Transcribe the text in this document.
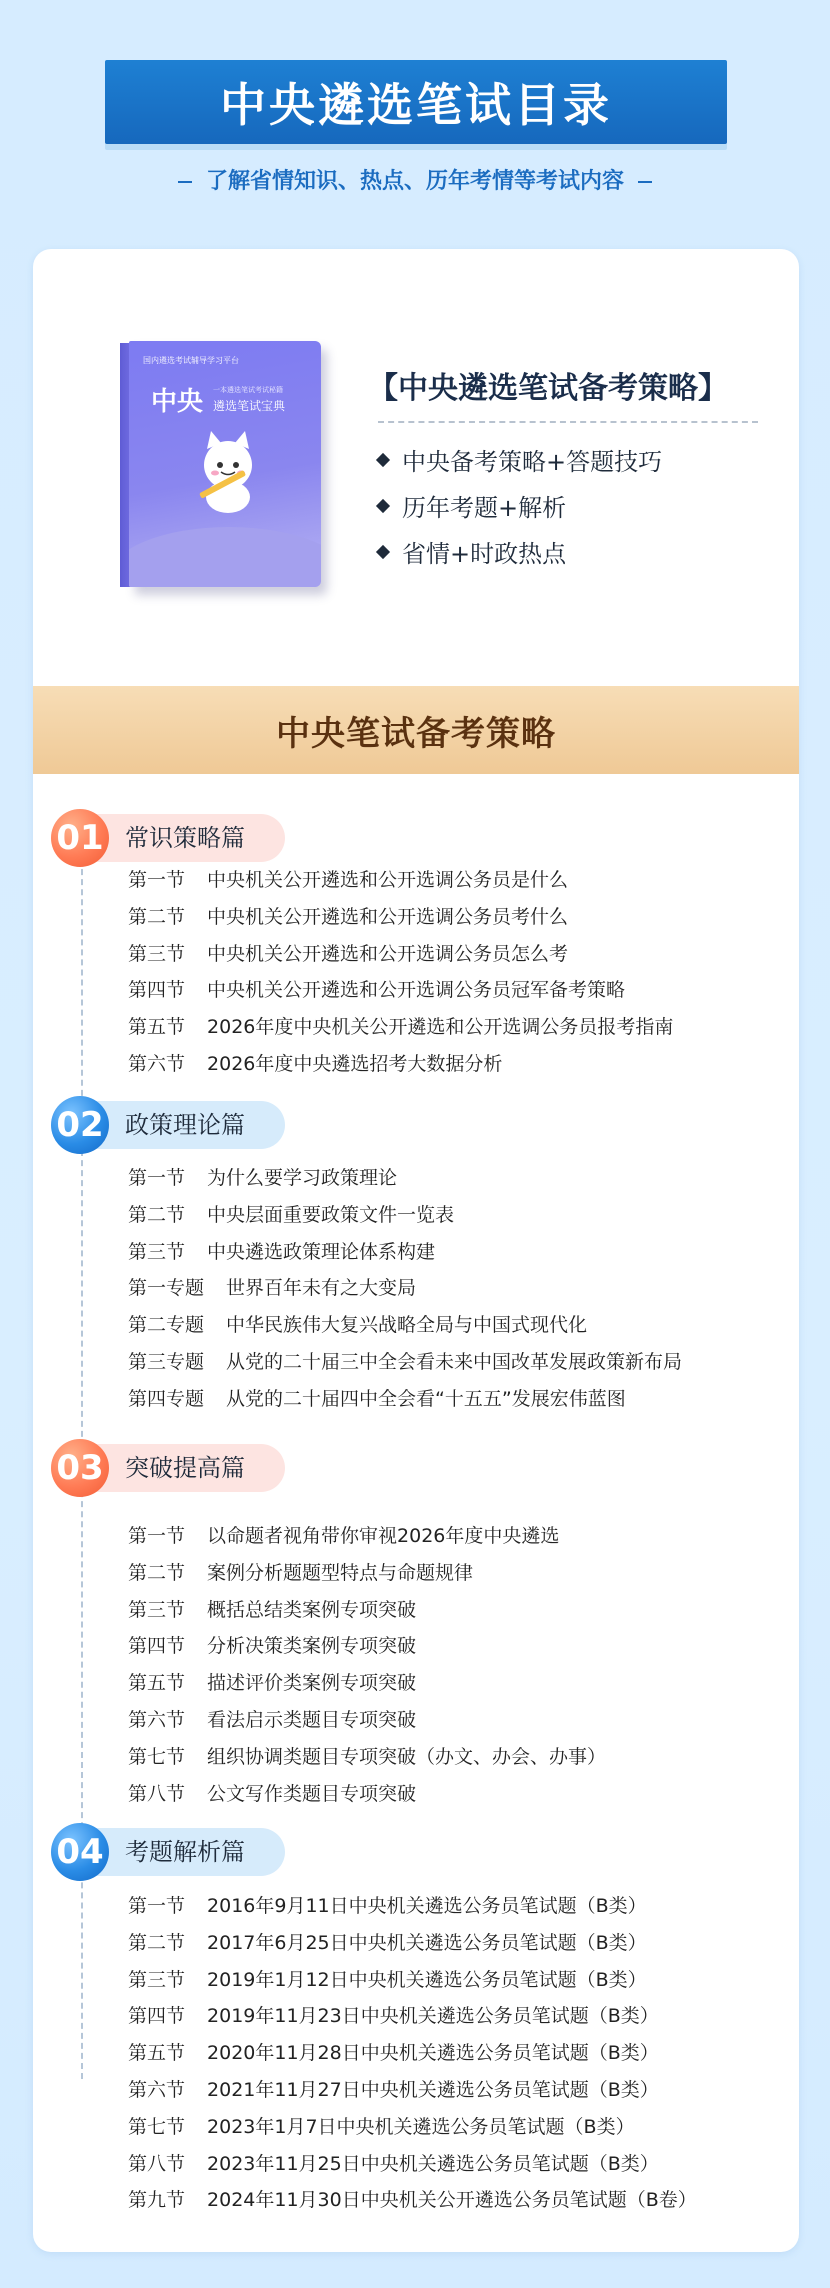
中央遴选笔试目录
了解省情知识、热点、历年考情等考试内容
国内遴选考试辅导学习平台
中央 一本遴选笔试考试秘籍
遴选笔试宝典	【中央遴选笔试备考策略】
中央备考策略+答题技巧
历年考题+解析
省情+时政热点
中央笔试备考策略
常识策略篇
01
第一节 中央机关公开遴选和公开选调公务员是什么
第二节 中央机关公开遴选和公开选调公务员考什么
第三节 中央机关公开遴选和公开选调公务员怎么考
第四节 中央机关公开遴选和公开选调公务员冠军备考策略
第五节 2026年度中央机关公开遴选和公开选调公务员报考指南
第六节 2026年度中央遴选招考大数据分析
政策理论篇
02
第一节 为什么要学习政策理论
第二节 中央层面重要政策文件一览表
第三节 中央遴选政策理论体系构建
第一专题 世界百年未有之大变局
第二专题 中华民族伟大复兴战略全局与中国式现代化
第三专题 从党的二十届三中全会看未来中国改革发展政策新布局
第四专题 从党的二十届四中全会看“十五五”发展宏伟蓝图
突破提高篇
03
第一节 以命题者视角带你审视2026年度中央遴选
第二节 案例分析题题型特点与命题规律
第三节 概括总结类案例专项突破
第四节 分析决策类案例专项突破
第五节 描述评价类案例专项突破
第六节 看法启示类题目专项突破
第七节 组织协调类题目专项突破（办文、办会、办事）
第八节 公文写作类题目专项突破
考题解析篇
04
第一节 2016年9月11日中央机关遴选公务员笔试题（B类）
第二节 2017年6月25日中央机关遴选公务员笔试题（B类）
第三节 2019年1月12日中央机关遴选公务员笔试题（B类）
第四节 2019年11月23日中央机关遴选公务员笔试题（B类）
第五节 2020年11月28日中央机关遴选公务员笔试题（B类）
第六节 2021年11月27日中央机关遴选公务员笔试题（B类）
第七节 2023年1月7日中央机关遴选公务员笔试题（B类）
第八节 2023年11月25日中央机关遴选公务员笔试题（B类）
第九节 2024年11月30日中央机关公开遴选公务员笔试题（B卷）
